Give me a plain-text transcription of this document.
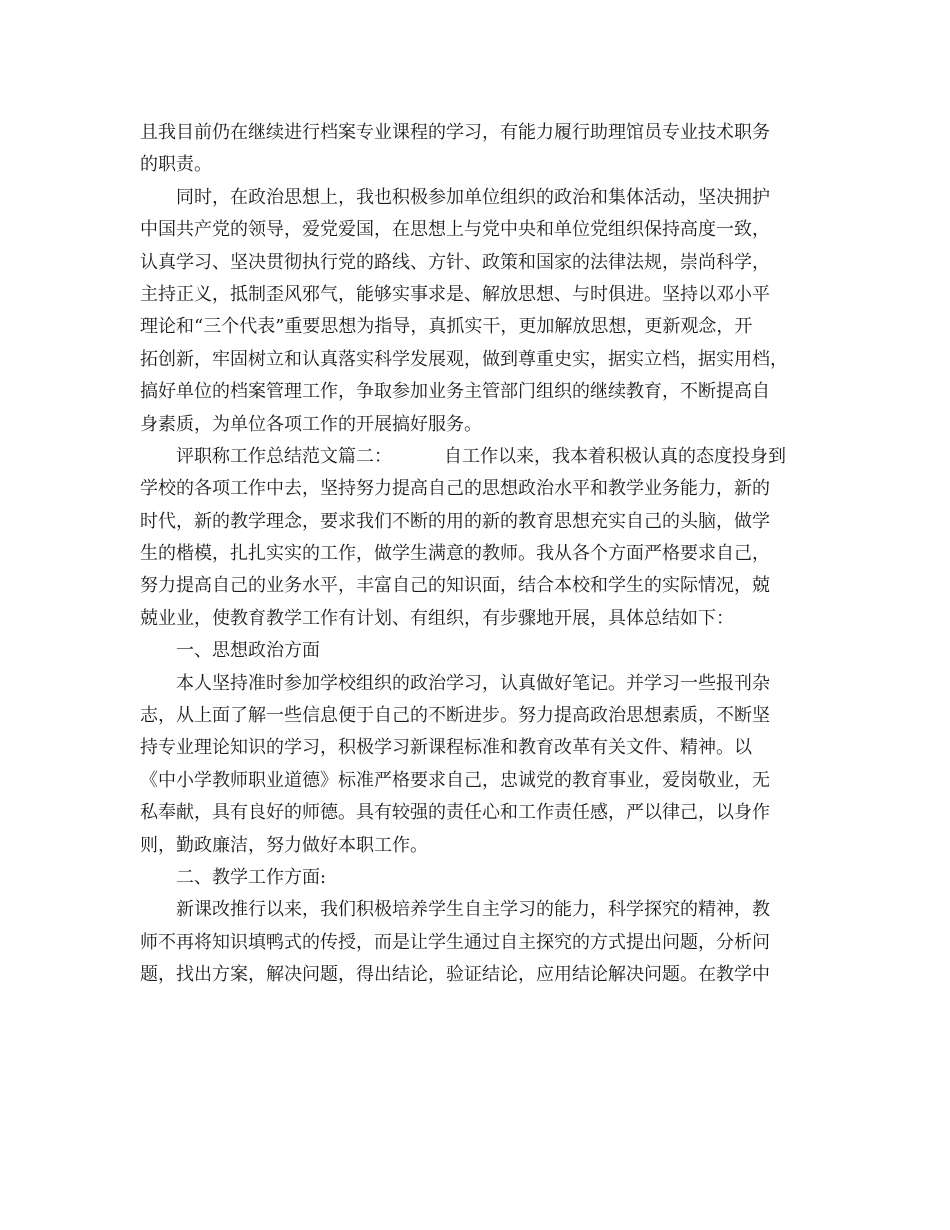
且我目前仍在继续进行档案专业课程的学习，有能力履行助理馆员专业技术职务
的职责。
同时，在政治思想上，我也积极参加单位组织的政治和集体活动，坚决拥护
中国共产党的领导，爱党爱国，在思想上与党中央和单位党组织保持高度一致，
认真学习、坚决贯彻执行党的路线、方针、政策和国家的法律法规，崇尚科学，
主持正义，抵制歪风邪气，能够实事求是、解放思想、与时俱进。坚持以邓小平
理论和“三个代表”重要思想为指导，真抓实干，更加解放思想，更新观念，开
拓创新，牢固树立和认真落实科学发展观，做到尊重史实，据实立档，据实用档，
搞好单位的档案管理工作，争取参加业务主管部门组织的继续教育，不断提高自
身素质，为单位各项工作的开展搞好服务。
评职称工作总结范文篇二：	自工作以来，我本着积极认真的态度投身到
学校的各项工作中去，坚持努力提高自己的思想政治水平和教学业务能力，新的
时代，新的教学理念，要求我们不断的用的新的教育思想充实自己的头脑，做学
生的楷模，扎扎实实的工作，做学生满意的教师。我从各个方面严格要求自己，
努力提高自己的业务水平，丰富自己的知识面，结合本校和学生的实际情况，兢
兢业业，使教育教学工作有计划、有组织，有步骤地开展，具体总结如下：
一、思想政治方面
本人坚持准时参加学校组织的政治学习，认真做好笔记。并学习一些报刊杂
志，从上面了解一些信息便于自己的不断进步。努力提高政治思想素质，不断坚
持专业理论知识的学习，积极学习新课程标准和教育改革有关文件、精神。以
《中小学教师职业道德》标准严格要求自己，忠诚党的教育事业，爱岗敬业，无
私奉献，具有良好的师德。具有较强的责任心和工作责任感，严以律己，以身作
则，勤政廉洁，努力做好本职工作。
二、教学工作方面:
新课改推行以来，我们积极培养学生自主学习的能力，科学探究的精神，教
师不再将知识填鸭式的传授，而是让学生通过自主探究的方式提出问题，分析问
题，找出方案，解决问题，得出结论，验证结论，应用结论解决问题。在教学中
